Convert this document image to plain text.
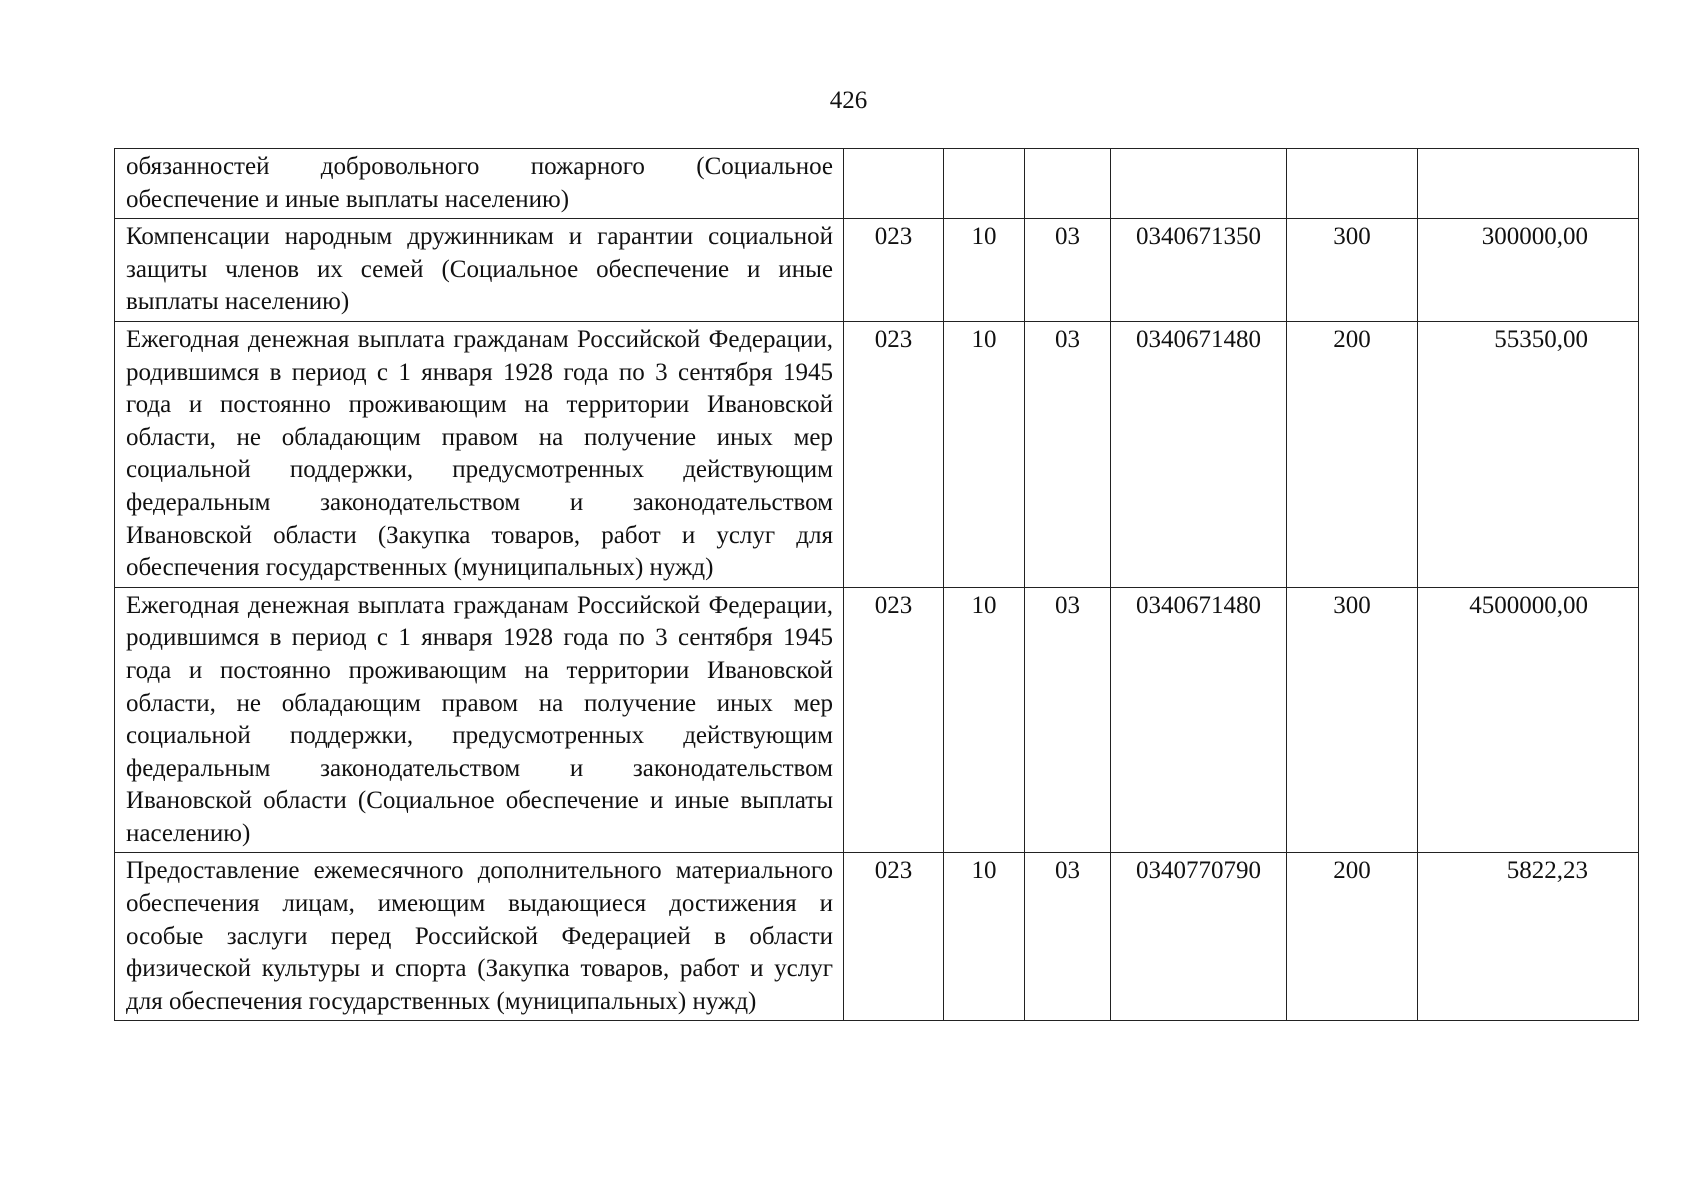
426
обязанностей добровольного пожарного (Социальное обеспечение и иные выплаты населению)						
Компенсации народным дружинникам и гарантии социальной защиты членов их семей (Социальное обеспечение и иные выплаты населению)	023	10	03	0340671350	300	300000,00
Ежегодная денежная выплата гражданам Российской Федерации, родившимся в период с 1 января 1928 года по 3 сентября 1945 года и постоянно проживающим на территории Ивановской области, не обладающим правом на получение иных мер социальной поддержки, предусмотренных действующим федеральным законодательством и законодательством Ивановской области (Закупка товаров, работ и услуг для обеспечения государственных (муниципальных) нужд)	023	10	03	0340671480	200	55350,00
Ежегодная денежная выплата гражданам Российской Федерации, родившимся в период с 1 января 1928 года по 3 сентября 1945 года и постоянно проживающим на территории Ивановской области, не обладающим правом на получение иных мер социальной поддержки, предусмотренных действующим федеральным законодательством и законодательством Ивановской области (Социальное обеспечение и иные выплаты населению)	023	10	03	0340671480	300	4500000,00
Предоставление ежемесячного дополнительного материального обеспечения лицам, имеющим выдающиеся достижения и особые заслуги перед Российской Федерацией в области физической культуры и спорта (Закупка товаров, работ и услуг для обеспечения государственных (муниципальных) нужд)	023	10	03	0340770790	200	5822,23
